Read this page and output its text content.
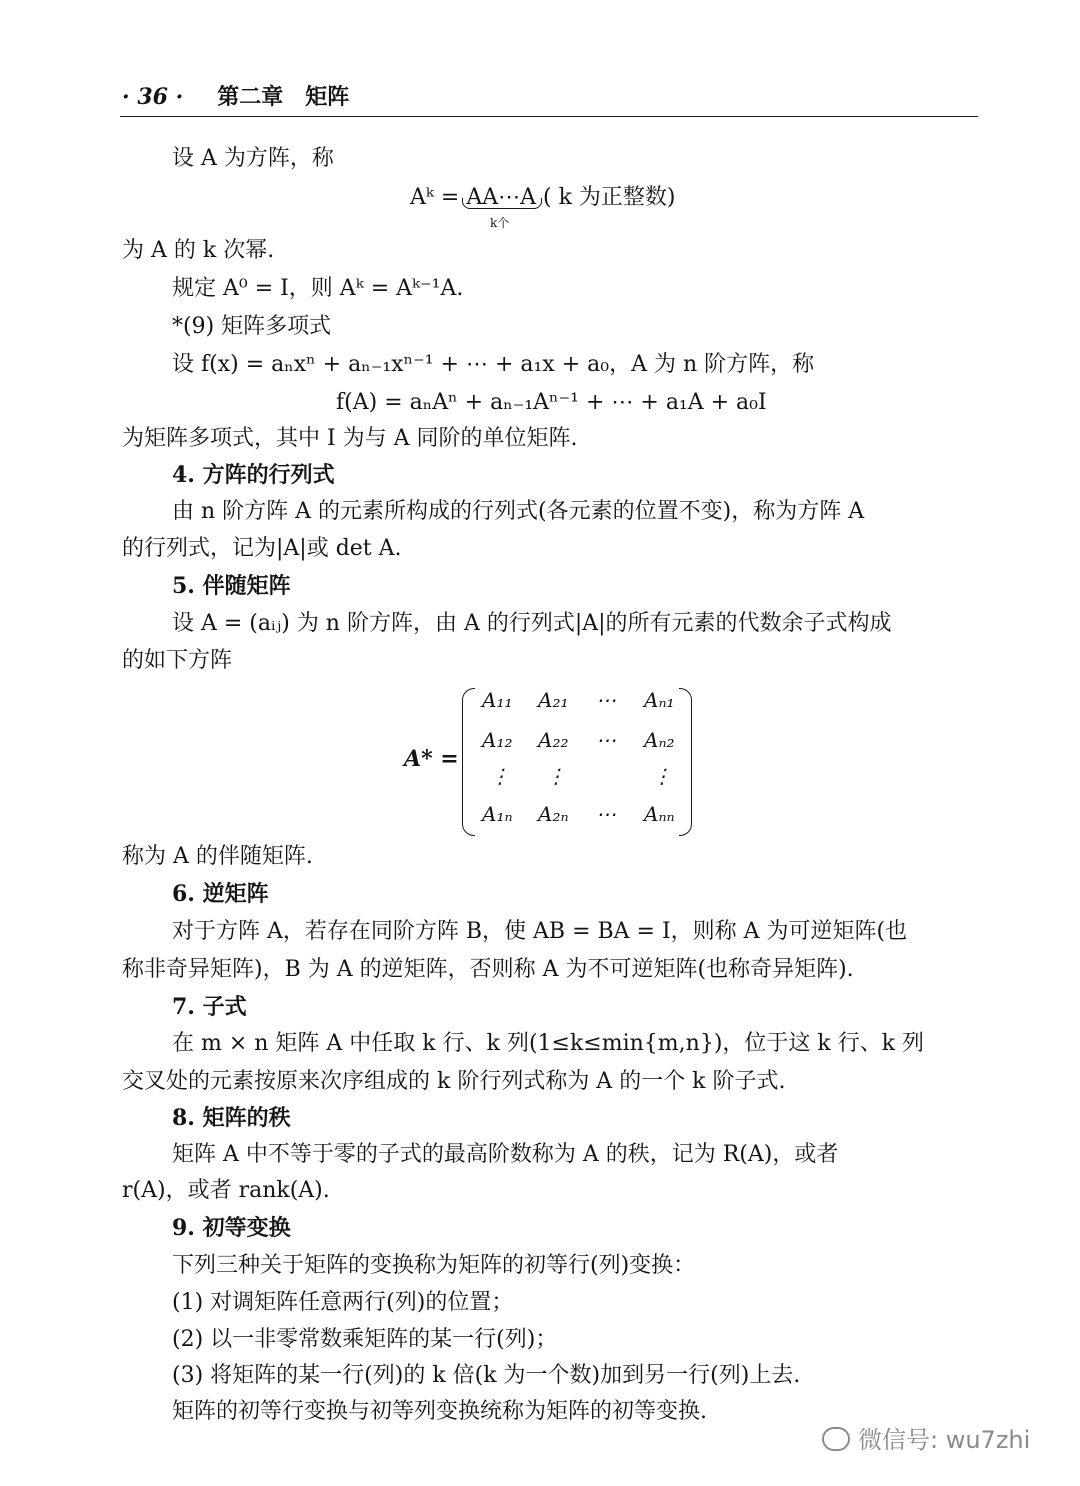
· 36 · 第二章 矩阵
设 A 为方阵，称
Aᵏ = AA⋯A ( k 为正整数)
k个
为 A 的 k 次幂.
规定 A⁰ = I，则 Aᵏ = Aᵏ⁻¹A.
*(9) 矩阵多项式
设 f(x) = aₙxⁿ + aₙ₋₁xⁿ⁻¹ + ⋯ + a₁x + a₀，A 为 n 阶方阵，称
f(A) = aₙAⁿ + aₙ₋₁Aⁿ⁻¹ + ⋯ + a₁A + a₀I
为矩阵多项式，其中 I 为与 A 同阶的单位矩阵.
4. 方阵的行列式
由 n 阶方阵 A 的元素所构成的行列式(各元素的位置不变)，称为方阵 A
的行列式，记为|A|或 det A.
5. 伴随矩阵
设 A = (aᵢⱼ) 为 n 阶方阵，由 A 的行列式|A|的所有元素的代数余子式构成
的如下方阵
A* =
A₁₁ A₂₁ ⋯ Aₙ₁
A₁₂ A₂₂ ⋯ Aₙ₂
⋮ ⋮	⋮
A₁ₙ A₂ₙ ⋯ Aₙₙ
称为 A 的伴随矩阵.
6. 逆矩阵
对于方阵 A，若存在同阶方阵 B，使 AB = BA = I，则称 A 为可逆矩阵(也
称非奇异矩阵)，B 为 A 的逆矩阵，否则称 A 为不可逆矩阵(也称奇异矩阵).
7. 子式
在 m × n 矩阵 A 中任取 k 行、k 列(1≤k≤min{m,n})，位于这 k 行、k 列
交叉处的元素按原来次序组成的 k 阶行列式称为 A 的一个 k 阶子式.
8. 矩阵的秩
矩阵 A 中不等于零的子式的最高阶数称为 A 的秩，记为 R(A)，或者
r(A)，或者 rank(A).
9. 初等变换
下列三种关于矩阵的变换称为矩阵的初等行(列)变换：
(1) 对调矩阵任意两行(列)的位置；
(2) 以一非零常数乘矩阵的某一行(列)；
(3) 将矩阵的某一行(列)的 k 倍(k 为一个数)加到另一行(列)上去.
矩阵的初等行变换与初等列变换统称为矩阵的初等变换.
微信号: wu7zhi
